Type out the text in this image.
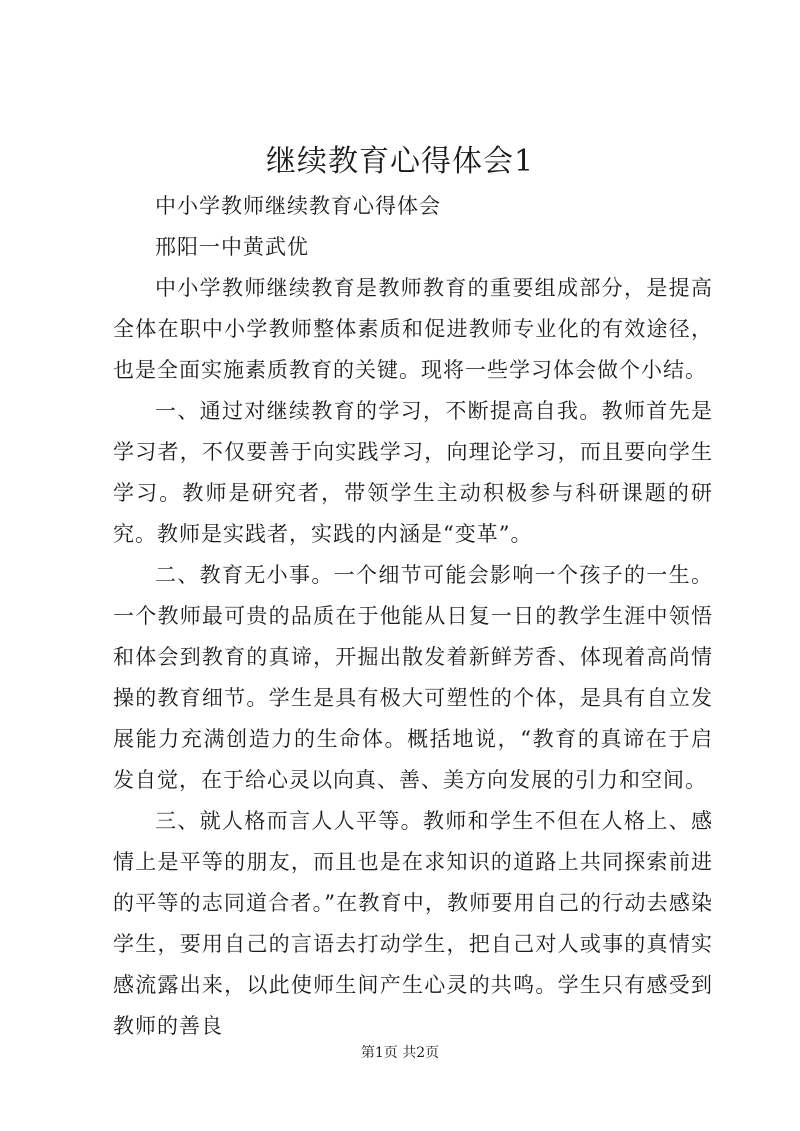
继续教育心得体会1

中小学教师继续教育心得体会

邢阳一中黄武优

中小学教师继续教育是教师教育的重要组成部分，是提高全体在职中小学教师整体素质和促进教师专业化的有效途径，也是全面实施素质教育的关键。现将一些学习体会做个小结。

一、通过对继续教育的学习，不断提高自我。教师首先是学习者，不仅要善于向实践学习，向理论学习，而且要向学生学习。教师是研究者，带领学生主动积极参与科研课题的研究。教师是实践者，实践的内涵是“变革”。

二、教育无小事。一个细节可能会影响一个孩子的一生。一个教师最可贵的品质在于他能从日复一日的教学生涯中领悟和体会到教育的真谛，开掘出散发着新鲜芳香、体现着高尚情操的教育细节。学生是具有极大可塑性的个体，是具有自立发展能力充满创造力的生命体。概括地说，“教育的真谛在于启发自觉，在于给心灵以向真、善、美方向发展的引力和空间。

三、就人格而言人人平等。教师和学生不但在人格上、感情上是平等的朋友，而且也是在求知识的道路上共同探索前进的平等的志同道合者。”在教育中，教师要用自己的行动去感染学生，要用自己的言语去打动学生，把自己对人或事的真情实感流露出来，以此使师生间产生心灵的共鸣。学生只有感受到教师的善良

第1页 共2页
